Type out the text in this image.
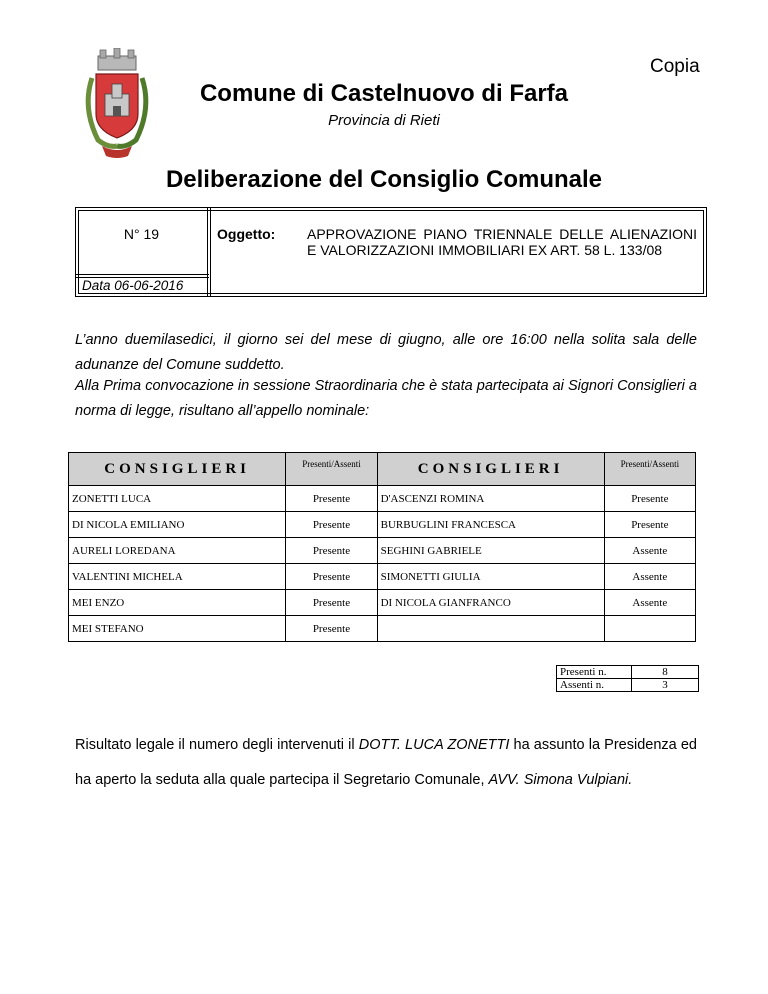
Copia
Comune di Castelnuovo di Farfa
Provincia di Rieti
Deliberazione del Consiglio Comunale
N° 19
Data 06-06-2016
Oggetto: APPROVAZIONE PIANO TRIENNALE DELLE ALIENAZIONI E VALORIZZAZIONI IMMOBILIARI EX ART. 58 L. 133/08
L’anno duemilasedici, il giorno sei del mese di giugno, alle ore 16:00 nella solita sala delle adunanze del Comune suddetto.
Alla Prima convocazione in sessione Straordinaria che è stata partecipata ai Signori Consiglieri a norma di legge, risultano all’appello nominale:
CONSIGLIERI	Presenti/Assenti	CONSIGLIERI	Presenti/Assenti
ZONETTI LUCA	Presente	D'ASCENZI ROMINA	Presente
DI NICOLA EMILIANO	Presente	BURBUGLINI FRANCESCA	Presente
AURELI LOREDANA	Presente	SEGHINI GABRIELE	Assente
VALENTINI MICHELA	Presente	SIMONETTI GIULIA	Assente
MEI ENZO	Presente	DI NICOLA GIANFRANCO	Assente
MEI STEFANO	Presente		
Presenti n.	8
Assenti n.	3
Risultato legale il numero degli intervenuti il DOTT. LUCA ZONETTI ha assunto la Presidenza ed ha aperto la seduta alla quale partecipa il Segretario Comunale, AVV. Simona Vulpiani.
